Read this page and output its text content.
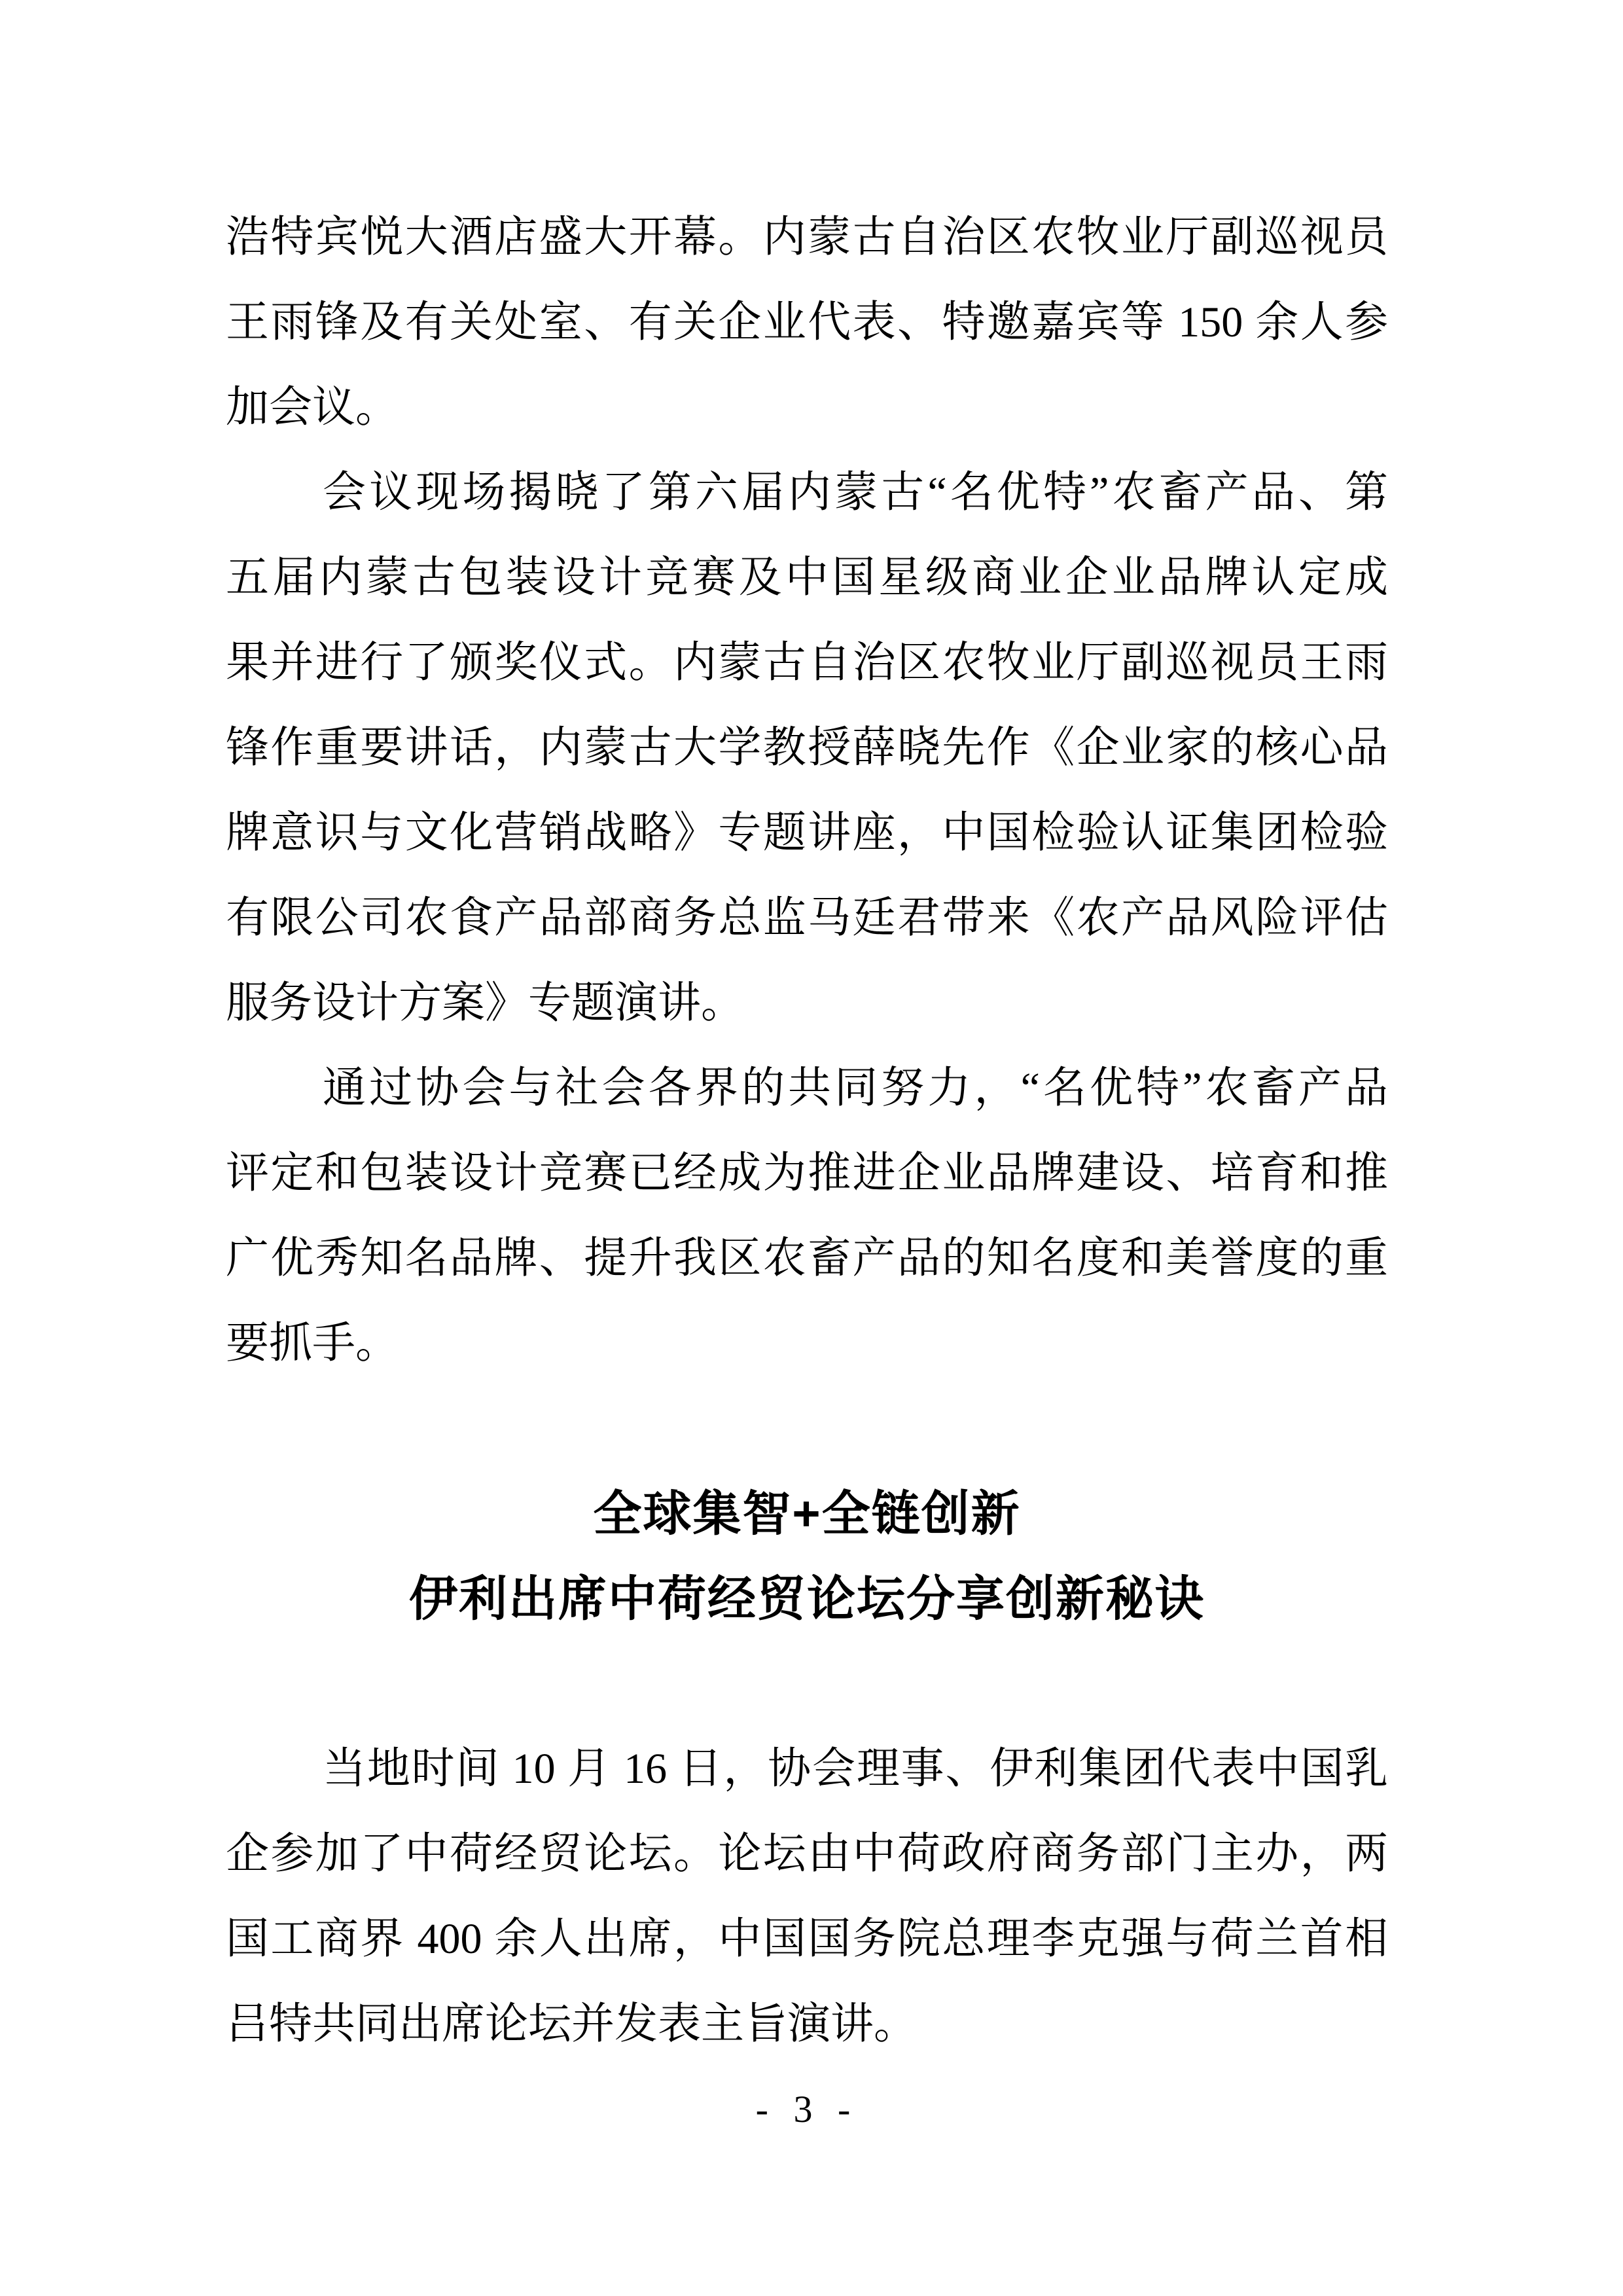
浩特宾悦大酒店盛大开幕。内蒙古自治区农牧业厅副巡视员
王雨锋及有关处室、有关企业代表、特邀嘉宾等 150 余人参
加会议。
会议现场揭晓了第六届内蒙古“名优特”农畜产品、第
五届内蒙古包装设计竞赛及中国星级商业企业品牌认定成
果并进行了颁奖仪式。内蒙古自治区农牧业厅副巡视员王雨
锋作重要讲话，内蒙古大学教授薛晓先作《企业家的核心品
牌意识与文化营销战略》专题讲座，中国检验认证集团检验
有限公司农食产品部商务总监马廷君带来《农产品风险评估
服务设计方案》专题演讲。
通过协会与社会各界的共同努力，“名优特”农畜产品
评定和包装设计竞赛已经成为推进企业品牌建设、培育和推
广优秀知名品牌、提升我区农畜产品的知名度和美誉度的重
要抓手。
全球集智+全链创新
伊利出席中荷经贸论坛分享创新秘诀
当地时间 10 月 16 日，协会理事、伊利集团代表中国乳
企参加了中荷经贸论坛。论坛由中荷政府商务部门主办，两
国工商界 400 余人出席，中国国务院总理李克强与荷兰首相
吕特共同出席论坛并发表主旨演讲。
- 3 -
